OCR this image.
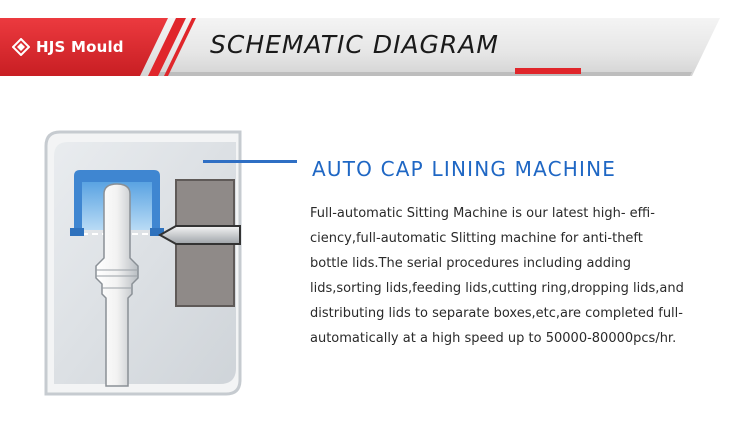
HJS Mould	SCHEMATIC DIAGRAM
AUTO CAP LINING MACHINE

Full-automatic Sitting Machine is our latest high- effi-

ciency,full-automatic Slitting machine for anti-theft

bottle lids.The serial procedures including adding

lids,sorting lids,feeding lids,cutting ring,dropping lids,and

distributing lids to separate boxes,etc,are completed full-

automatically at a high speed up to 50000-80000pcs/hr.
